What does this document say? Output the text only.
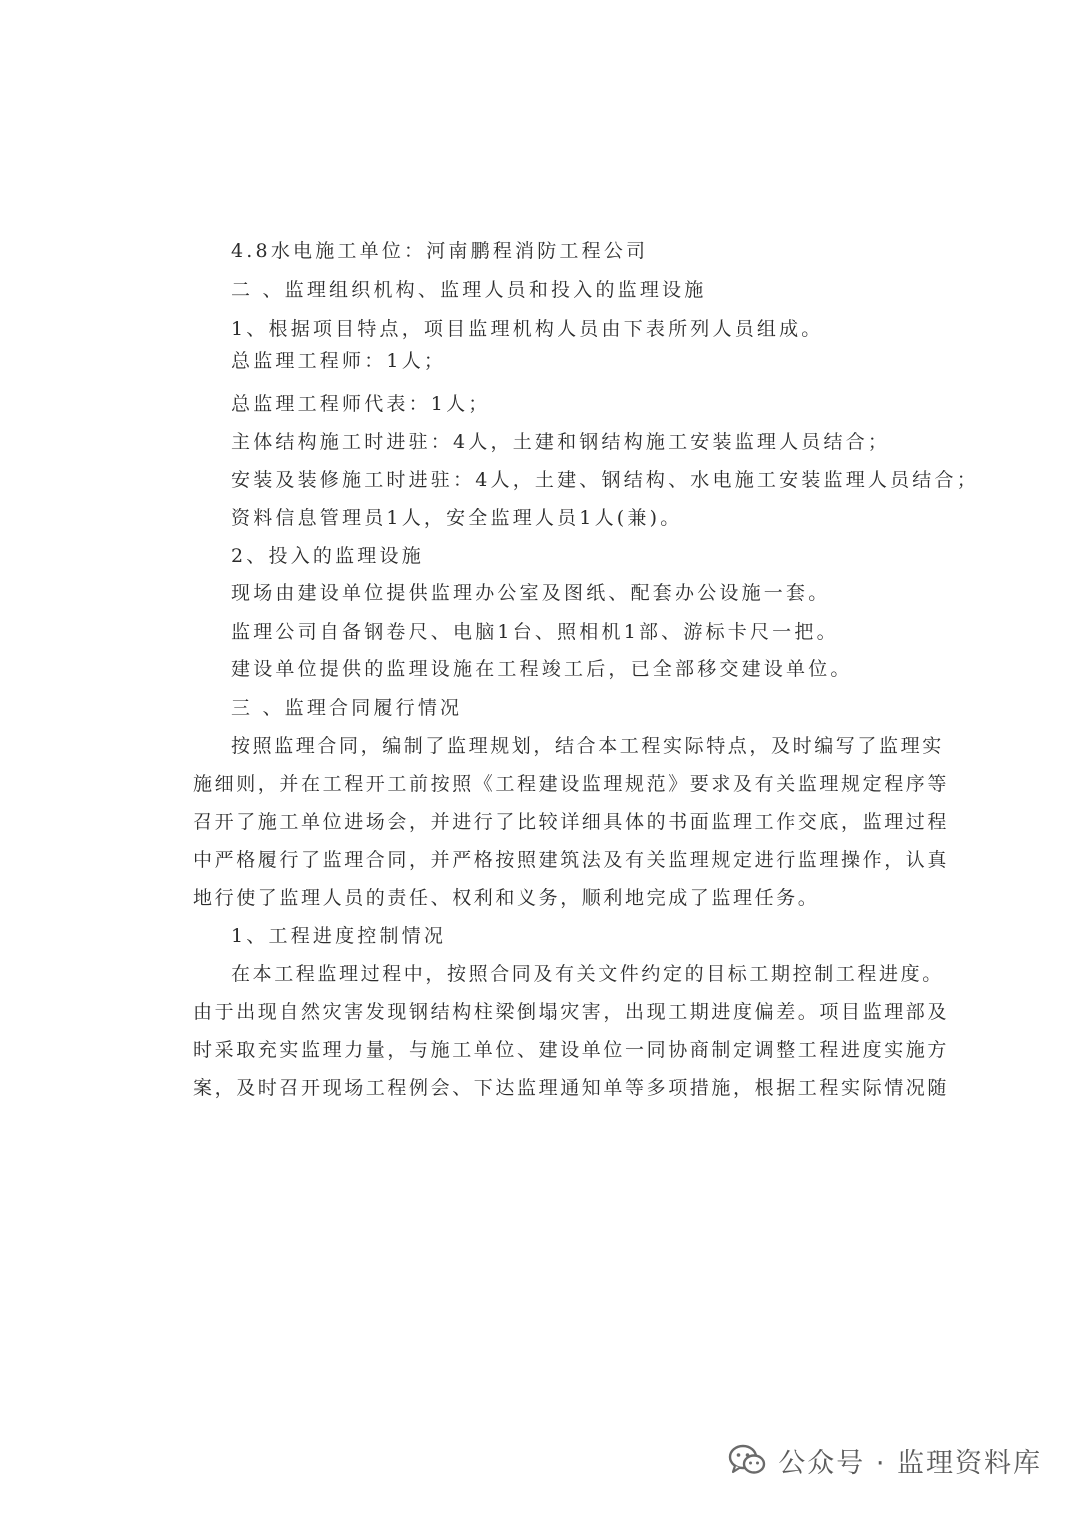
4.8水电施工单位：河南鹏程消防工程公司
二 、监理组织机构、监理人员和投入的监理设施
1、根据项目特点，项目监理机构人员由下表所列人员组成。
总监理工程师：1人；
总监理工程师代表：1人；
主体结构施工时进驻：4人，土建和钢结构施工安装监理人员结合；
安装及装修施工时进驻：4人，土建、钢结构、水电施工安装监理人员结合；
资料信息管理员1人，安全监理人员1人(兼)。
2、投入的监理设施
现场由建设单位提供监理办公室及图纸、配套办公设施一套。
监理公司自备钢卷尺、电脑1台、照相机1部、游标卡尺一把。
建设单位提供的监理设施在工程竣工后，已全部移交建设单位。
三 、监理合同履行情况
按照监理合同，编制了监理规划，结合本工程实际特点，及时编写了监理实
施细则，并在工程开工前按照《工程建设监理规范》要求及有关监理规定程序等
召开了施工单位进场会，并进行了比较详细具体的书面监理工作交底，监理过程
中严格履行了监理合同，并严格按照建筑法及有关监理规定进行监理操作，认真
地行使了监理人员的责任、权利和义务，顺利地完成了监理任务。
1、工程进度控制情况
在本工程监理过程中，按照合同及有关文件约定的目标工期控制工程进度。
由于出现自然灾害发现钢结构柱梁倒塌灾害，出现工期进度偏差。项目监理部及
时采取充实监理力量，与施工单位、建设单位一同协商制定调整工程进度实施方
案，及时召开现场工程例会、下达监理通知单等多项措施，根据工程实际情况随
公众号 · 监理资料库
